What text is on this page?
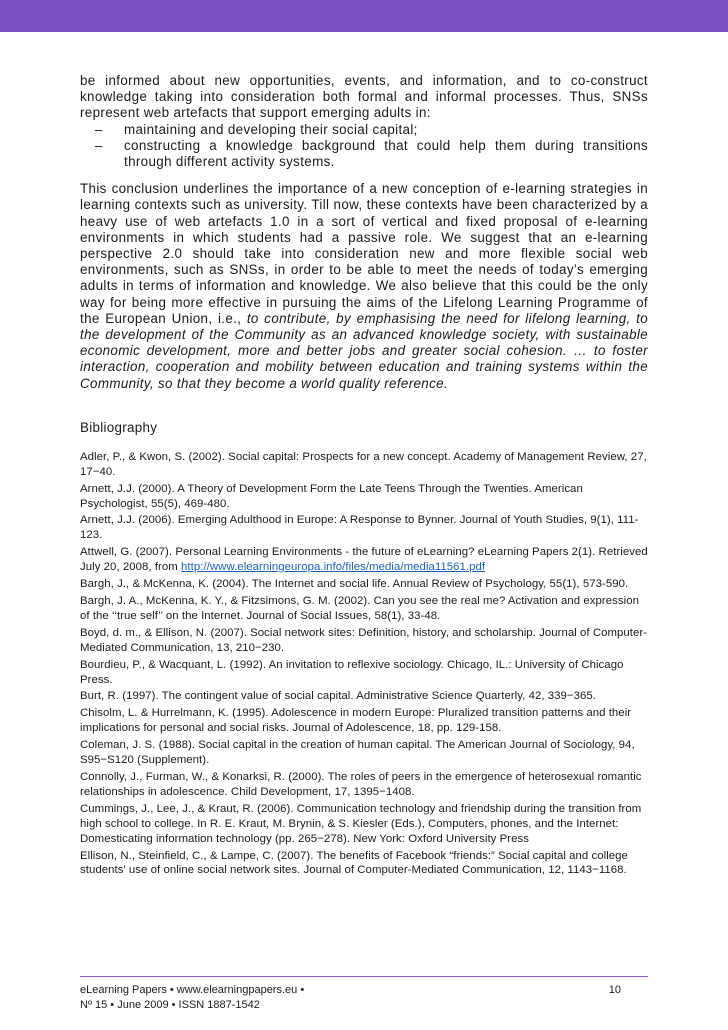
be informed about new opportunities, events, and information, and to co-construct knowledge taking into consideration both formal and informal processes. Thus, SNSs represent web artefacts that support emerging adults in:

– maintaining and developing their social capital;
– constructing a knowledge background that could help them during transitions through different activity systems.

This conclusion underlines the importance of a new conception of e-learning strategies in learning contexts such as university. Till now, these contexts have been characterized by a heavy use of web artefacts 1.0 in a sort of vertical and fixed proposal of e-learning environments in which students had a passive role. We suggest that an e-learning perspective 2.0 should take into consideration new and more flexible social web environments, such as SNSs, in order to be able to meet the needs of today’s emerging adults in terms of information and knowledge. We also believe that this could be the only way for being more effective in pursuing the aims of the Lifelong Learning Programme of the European Union, i.e., to contribute, by emphasising the need for lifelong learning, to the development of the Community as an advanced knowledge society, with sustainable economic development, more and better jobs and greater social cohesion. … to foster interaction, cooperation and mobility between education and training systems within the Community, so that they become a world quality reference.

Bibliography

Adler, P., & Kwon, S. (2002). Social capital: Prospects for a new concept. Academy of Management Review, 27, 17−40.

Arnett, J.J. (2000). A Theory of Development Form the Late Teens Through the Twenties. American Psychologist, 55(5), 469-480.

Arnett, J.J. (2006). Emerging Adulthood in Europe: A Response to Bynner. Journal of Youth Studies, 9(1), 111-123.

Attwell, G. (2007). Personal Learning Environments - the future of eLearning? eLearning Papers 2(1). Retrieved July 20, 2008, from http://www.elearningeuropa.info/files/media/media11561.pdf

Bargh, J., & McKenna, K. (2004). The Internet and social life. Annual Review of Psychology, 55(1), 573-590.

Bargh, J. A., McKenna, K. Y., & Fitzsimons, G. M. (2002). Can you see the real me? Activation and expression of the ‘‘true self’’ on the Internet. Journal of Social Issues, 58(1), 33-48.

Boyd, d. m., & Ellison, N. (2007). Social network sites: Definition, history, and scholarship. Journal of Computer-Mediated Communication, 13, 210−230.

Bourdieu, P., & Wacquant, L. (1992). An invitation to reflexive sociology. Chicago, IL.: University of Chicago Press.

Burt, R. (1997). The contingent value of social capital. Administrative Science Quarterly, 42, 339−365.

Chisolm, L. & Hurrelmann, K. (1995). Adolescence in modern Europe: Pluralized transition patterns and their implications for personal and social risks. Journal of Adolescence, 18, pp. 129-158.

Coleman, J. S. (1988). Social capital in the creation of human capital. The American Journal of Sociology, 94, S95−S120 (Supplement).

Connolly, J., Furman, W., & Konarksi, R. (2000). The roles of peers in the emergence of heterosexual romantic relationships in adolescence. Child Development, 17, 1395−1408.

Cummings, J., Lee, J., & Kraut, R. (2006). Communication technology and friendship during the transition from high school to college. In R. E. Kraut, M. Brynin, & S. Kiesler (Eds.), Computers, phones, and the Internet: Domesticating information technology (pp. 265−278). New York: Oxford University Press

Ellison, N., Steinfield, C., & Lampe, C. (2007). The benefits of Facebook “friends:” Social capital and college students' use of online social network sites. Journal of Computer-Mediated Communication, 12, 1143−1168.

eLearning Papers • www.elearningpapers.eu •
Nº 15 • June 2009 • ISSN 1887-1542
10
